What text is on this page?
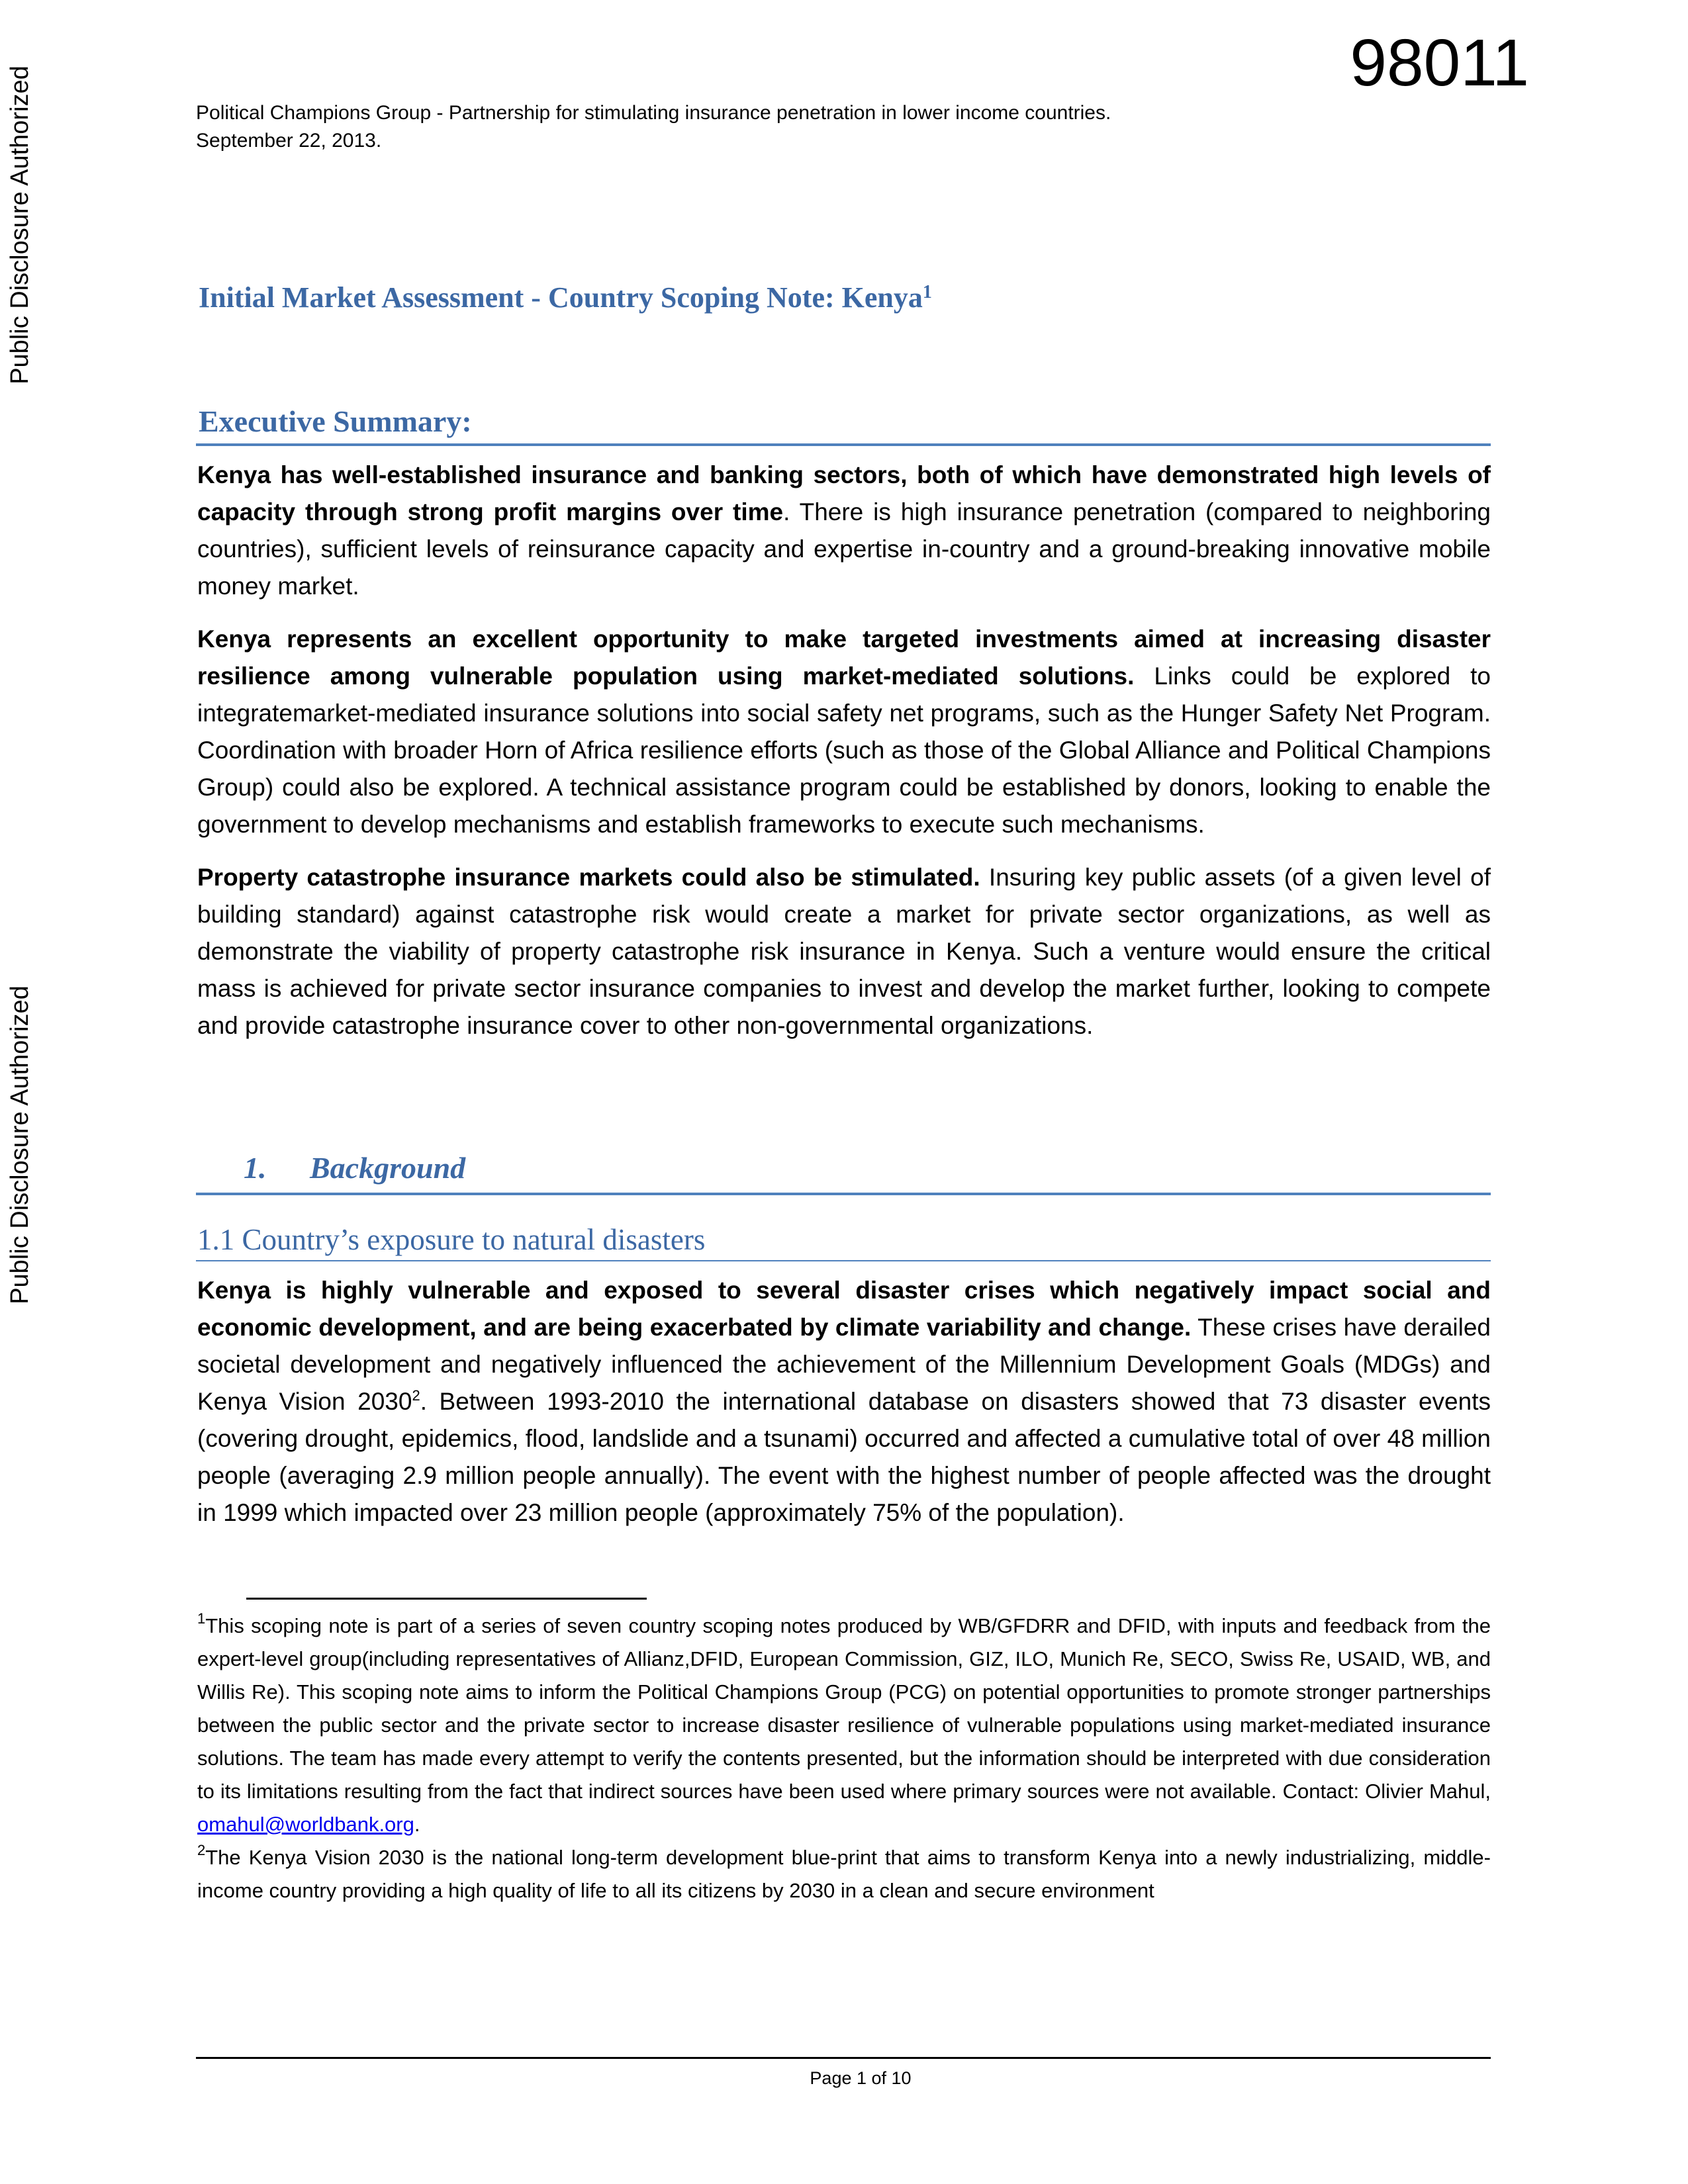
Public Disclosure Authorized
Public Disclosure Authorized
98011
Political Champions Group - Partnership for stimulating insurance penetration in lower income countries.
September 22, 2013.
Initial Market Assessment - Country Scoping Note: Kenya$^1$
Executive Summary:

Kenya has well-established insurance and banking sectors, both of which have demonstrated high levels of capacity through strong profit margins over time. There is high insurance penetration (compared to neighboring countries), sufficient levels of reinsurance capacity and expertise in-country and a ground-breaking innovative mobile money market.

Kenya represents an excellent opportunity to make targeted investments aimed at increasing disaster resilience among vulnerable population using market-mediated solutions. Links could be explored to integratemarket-mediated insurance solutions into social safety net programs, such as the Hunger Safety Net Program. Coordination with broader Horn of Africa resilience efforts (such as those of the Global Alliance and Political Champions Group) could also be explored. A technical assistance program could be established by donors, looking to enable the government to develop mechanisms and establish frameworks to execute such mechanisms.

Property catastrophe insurance markets could also be stimulated. Insuring key public assets (of a given level of building standard) against catastrophe risk would create a market for private sector organizations, as well as demonstrate the viability of property catastrophe risk insurance in Kenya. Such a venture would ensure the critical mass is achieved for private sector insurance companies to invest and develop the market further, looking to compete and provide catastrophe insurance cover to other non-governmental organizations.

1. Background
1.1 Country’s exposure to natural disasters

Kenya is highly vulnerable and exposed to several disaster crises which negatively impact social and economic development, and are being exacerbated by climate variability and change. These crises have derailed societal development and negatively influenced the achievement of the Millennium Development Goals (MDGs) and Kenya Vision 2030$^2$. Between 1993-2010 the international database on disasters showed that 73 disaster events (covering drought, epidemics, flood, landslide and a tsunami) occurred and affected a cumulative total of over 48 million people (averaging 2.9 million people annually). The event with the highest number of people affected was the drought in 1999 which impacted over 23 million people (approximately 75% of the population).

$^1$This scoping note is part of a series of seven country scoping notes produced by WB/GFDRR and DFID, with inputs and feedback from the expert-level group(including representatives of Allianz,DFID, European Commission, GIZ, ILO, Munich Re, SECO, Swiss Re, USAID, WB, and Willis Re). This scoping note aims to inform the Political Champions Group (PCG) on potential opportunities to promote stronger partnerships between the public sector and the private sector to increase disaster resilience of vulnerable populations using market-mediated insurance solutions. The team has made every attempt to verify the contents presented, but the information should be interpreted with due consideration to its limitations resulting from the fact that indirect sources have been used where primary sources were not available. Contact: Olivier Mahul, omahul@worldbank.org.

$^2$The Kenya Vision 2030 is the national long-term development blue-print that aims to transform Kenya into a newly industrializing, middle-income country providing a high quality of life to all its citizens by 2030 in a clean and secure environment

Page 1 of 10
